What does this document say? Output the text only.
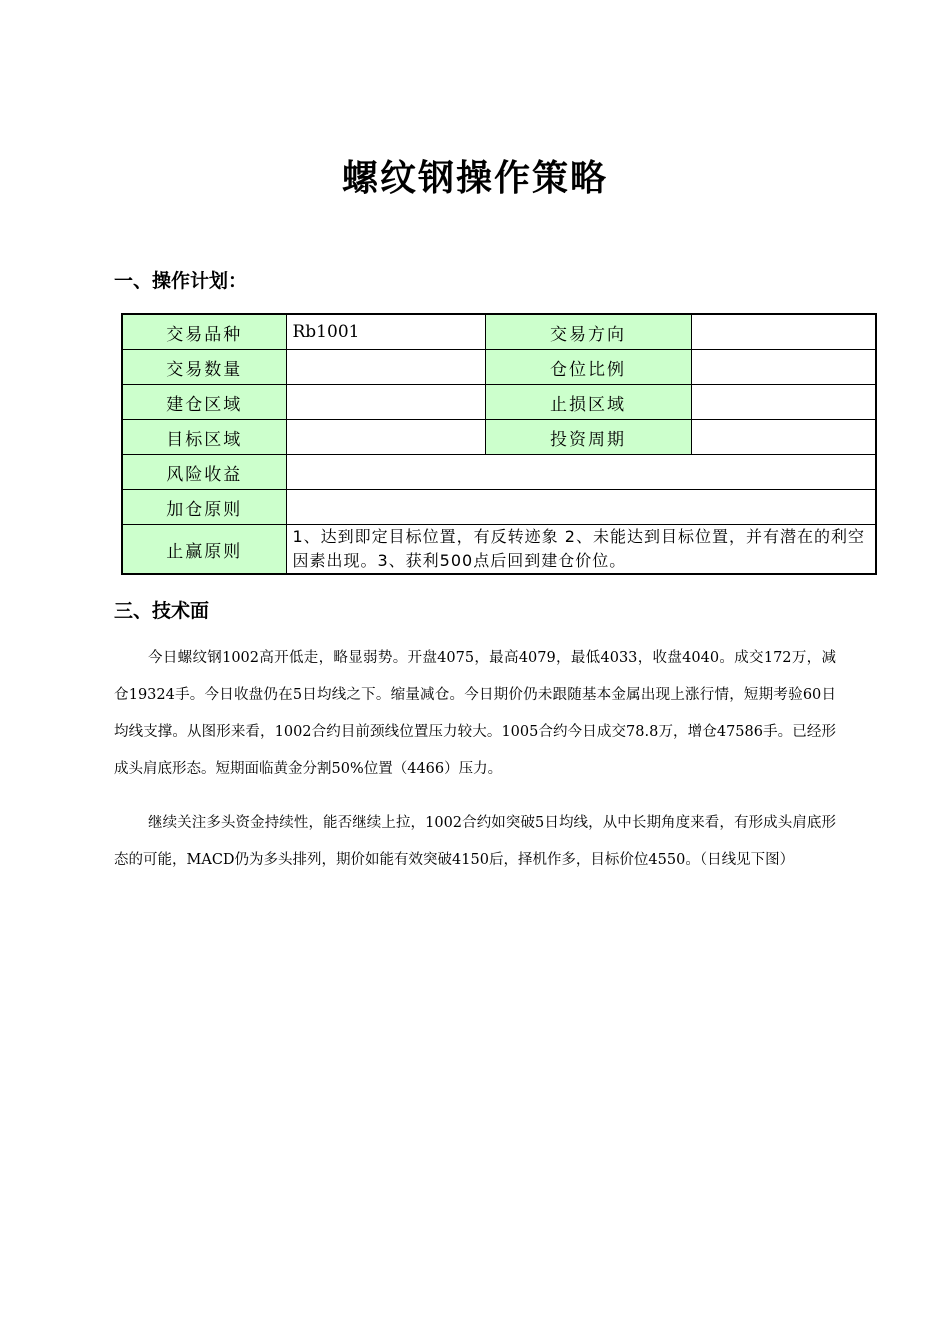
螺纹钢操作策略
一、操作计划：
交易品种	Rb1001	交易方向	
交易数量		仓位比例	
建仓区域		止损区域	
目标区域		投资周期	
风险收益			
加仓原则			
止赢原则	1、达到即定目标位置，有反转迹象 2、未能达到目标位置，并有潜在的利空因素出现。3、获利500点后回到建仓价位。		
三、技术面

今日螺纹钢1002高开低走，略显弱势。开盘4075，最高4079，最低4033，收盘4040。成交172万，减仓19324手。今日收盘仍在5日均线之下。缩量减仓。今日期价仍未跟随基本金属出现上涨行情，短期考验60日均线支撑。从图形来看，1002合约目前颈线位置压力较大。1005合约今日成交78.8万，增仓47586手。已经形成头肩底形态。短期面临黄金分割50%位置（4466）压力。

继续关注多头资金持续性，能否继续上拉，1002合约如突破5日均线，从中长期角度来看，有形成头肩底形态的可能，MACD仍为多头排列，期价如能有效突破4150后，择机作多，目标价位4550。（日线见下图）
